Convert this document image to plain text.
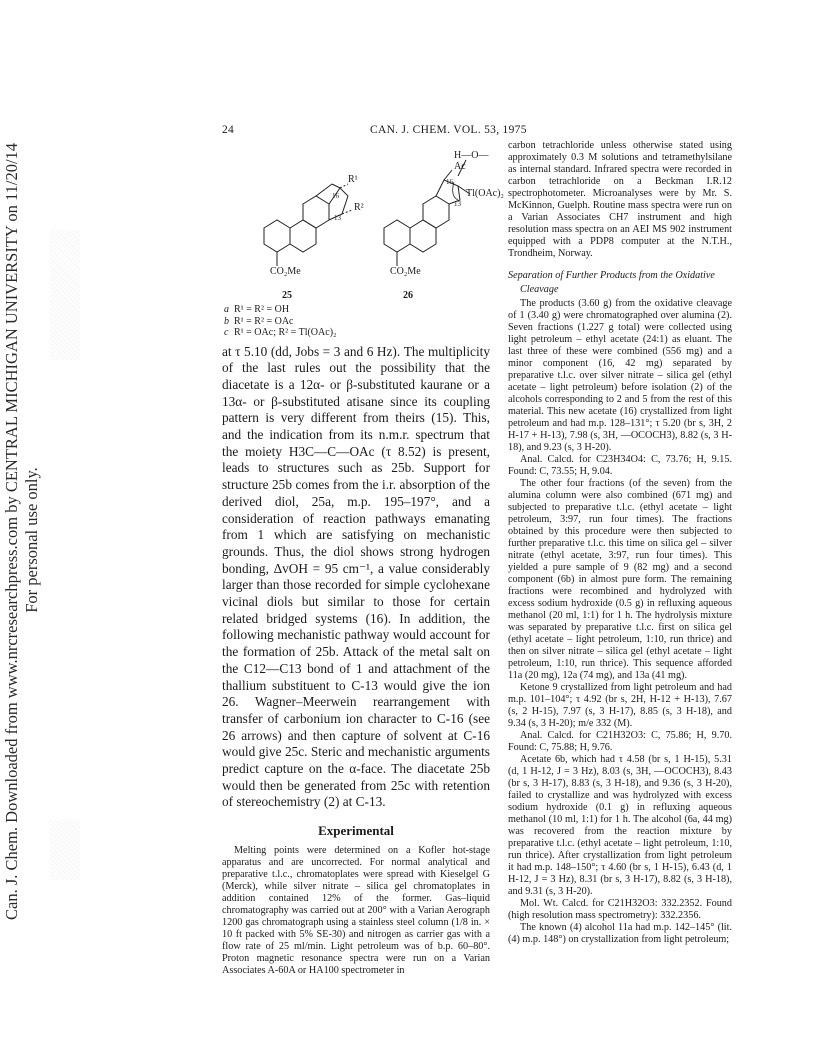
Can. J. Chem. Downloaded from www.nrcresearchpress.com by CENTRAL MICHIGAN UNIVERSITY on 11/20/14 For personal use only.
24	CAN. J. CHEM. VOL. 53, 1975
R¹
R²
16
13
CO₂Me
H—O—Ac
Tl(OAc)₂
16
13
CO₂Me
25	26
a R¹ = R² = OH
b R¹ = R² = OAc
c R¹ = OAc; R² = Tl(OAc)₂

at τ 5.10 (dd, Jobs = 3 and 6 Hz). The multiplicity of the last rules out the possibility that the diacetate is a 12α- or β-substituted kaurane or a 13α- or β-substituted atisane since its coupling pattern is very different from theirs (15). This, and the indication from its n.m.r. spectrum that the moiety H3C—C—OAc (τ 8.52) is present, leads to structures such as 25b. Support for structure 25b comes from the i.r. absorption of the derived diol, 25a, m.p. 195–197°, and a consideration of reaction pathways emanating from 1 which are satisfying on mechanistic grounds. Thus, the diol shows strong hydrogen bonding, ΔvOH = 95 cm⁻¹, a value considerably larger than those recorded for simple cyclohexane vicinal diols but similar to those for certain related bridged systems (16). In addition, the following mechanistic pathway would account for the formation of 25b. Attack of the metal salt on the C12—C13 bond of 1 and attachment of the thallium substituent to C-13 would give the ion 26. Wagner–Meerwein rearrangement with transfer of carbonium ion character to C-16 (see 26 arrows) and then capture of solvent at C-16 would give 25c. Steric and mechanistic arguments predict capture on the α-face. The diacetate 25b would then be generated from 25c with retention of stereochemistry (2) at C-13.

Experimental

Melting points were determined on a Kofler hot-stage apparatus and are uncorrected. For normal analytical and preparative t.l.c., chromatoplates were spread with Kieselgel G (Merck), while silver nitrate – silica gel chromatoplates in addition contained 12% of the former. Gas–liquid chromatography was carried out at 200° with a Varian Aerograph 1200 gas chromatograph using a stainless steel column (1/8 in. × 10 ft packed with 5% SE-30) and nitrogen as carrier gas with a flow rate of 25 ml/min. Light petroleum was of b.p. 60–80°. Proton magnetic resonance spectra were run on a Varian Associates A-60A or HA100 spectrometer in

carbon tetrachloride unless otherwise stated using approximately 0.3 M solutions and tetramethylsilane as internal standard. Infrared spectra were recorded in carbon tetrachloride on a Beckman I.R.12 spectrophotometer. Microanalyses were by Mr. S. McKinnon, Guelph. Routine mass spectra were run on a Varian Associates CH7 instrument and high resolution mass spectra on an AEI MS 902 instrument equipped with a PDP8 computer at the N.T.H., Trondheim, Norway.

Separation of Further Products from the Oxidative
Cleavage

The products (3.60 g) from the oxidative cleavage of 1 (3.40 g) were chromatographed over alumina (2). Seven fractions (1.227 g total) were collected using light petroleum – ethyl acetate (24:1) as eluant. The last three of these were combined (556 mg) and a minor component (16, 42 mg) separated by preparative t.l.c. over silver nitrate – silica gel (ethyl acetate – light petroleum) before isolation (2) of the alcohols corresponding to 2 and 5 from the rest of this material. This new acetate (16) crystallized from light petroleum and had m.p. 128–131°; τ 5.20 (br s, 3H, 2 H-17 + H-13), 7.98 (s, 3H, —OCOCH3), 8.82 (s, 3 H-18), and 9.23 (s, 3 H-20).

Anal. Calcd. for C23H34O4: C, 73.76; H, 9.15. Found: C, 73.55; H, 9.04.

The other four fractions (of the seven) from the alumina column were also combined (671 mg) and subjected to preparative t.l.c. (ethyl acetate – light petroleum, 3:97, run four times). The fractions obtained by this procedure were then subjected to further preparative t.l.c. this time on silica gel – silver nitrate (ethyl acetate, 3:97, run four times). This yielded a pure sample of 9 (82 mg) and a second component (6b) in almost pure form. The remaining fractions were recombined and hydrolyzed with excess sodium hydroxide (0.5 g) in refluxing aqueous methanol (20 ml, 1:1) for 1 h. The hydrolysis mixture was separated by preparative t.l.c. first on silica gel (ethyl acetate – light petroleum, 1:10, run thrice) and then on silver nitrate – silica gel (ethyl acetate – light petroleum, 1:10, run thrice). This sequence afforded 11a (20 mg), 12a (74 mg), and 13a (41 mg).

Ketone 9 crystallized from light petroleum and had m.p. 101–104°; τ 4.92 (br s, 2H, H-12 + H-13), 7.67 (s, 2 H-15), 7.97 (s, 3 H-17), 8.85 (s, 3 H-18), and 9.34 (s, 3 H-20); m/e 332 (M).

Anal. Calcd. for C21H32O3: C, 75.86; H, 9.70. Found: C, 75.88; H, 9.76.

Acetate 6b, which had τ 4.58 (br s, 1 H-15), 5.31 (d, 1 H-12, J = 3 Hz), 8.03 (s, 3H, —OCOCH3), 8.43 (br s, 3 H-17), 8.83 (s, 3 H-18), and 9.36 (s, 3 H-20), failed to crystallize and was hydrolyzed with excess sodium hydroxide (0.1 g) in refluxing aqueous methanol (10 ml, 1:1) for 1 h. The alcohol (6a, 44 mg) was recovered from the reaction mixture by preparative t.l.c. (ethyl acetate – light petroleum, 1:10, run thrice). After crystallization from light petroleum it had m.p. 148–150°; τ 4.60 (br s, 1 H-15), 6.43 (d, 1 H-12, J = 3 Hz), 8.31 (br s, 3 H-17), 8.82 (s, 3 H-18), and 9.31 (s, 3 H-20).

Mol. Wt. Calcd. for C21H32O3: 332.2352. Found (high resolution mass spectrometry): 332.2356.

The known (4) alcohol 11a had m.p. 142–145° (lit. (4) m.p. 148°) on crystallization from light petroleum;
